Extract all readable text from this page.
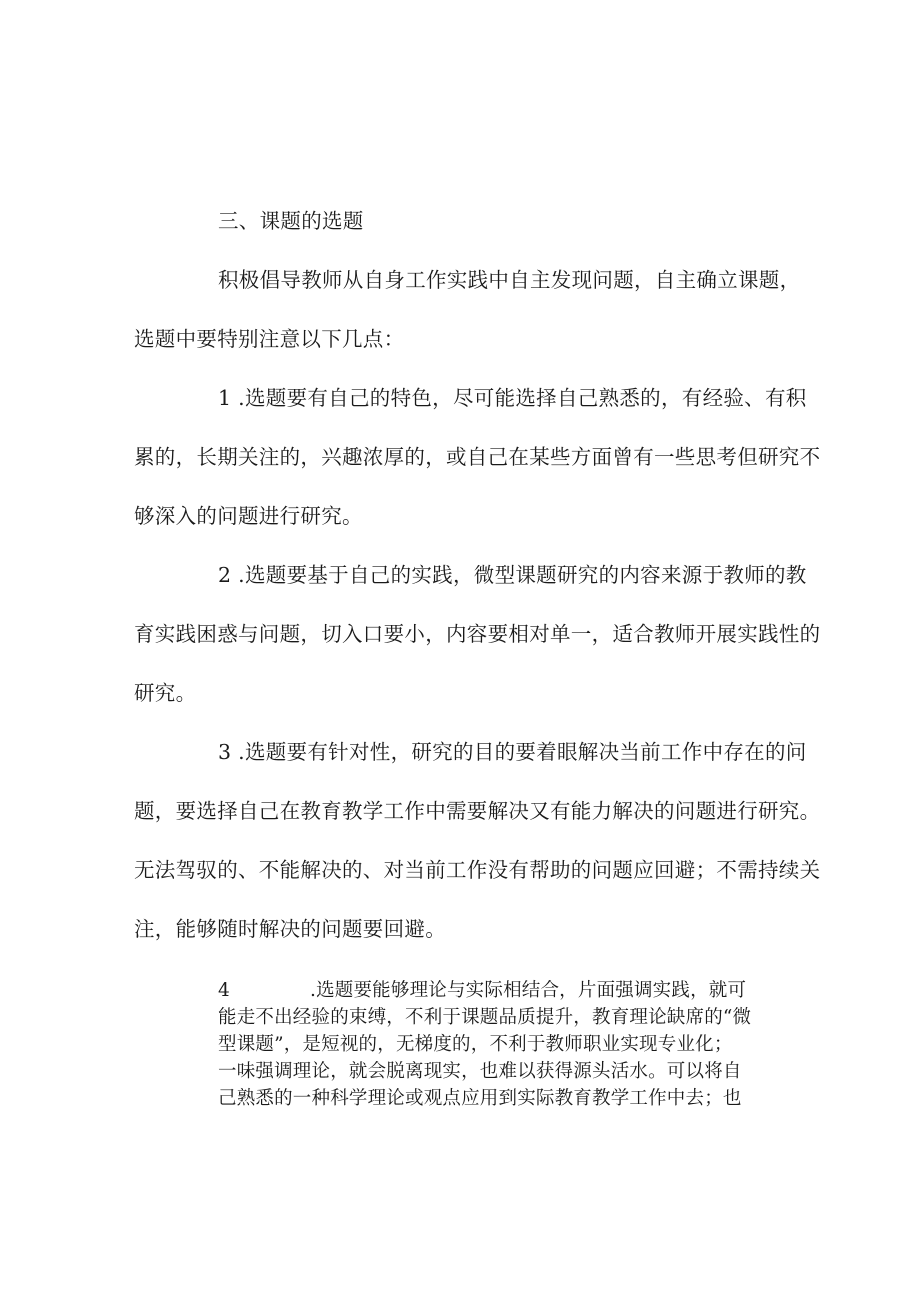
三、课题的选题
积极倡导教师从自身工作实践中自主发现问题，自主确立课题，
选题中要特别注意以下几点：
1 .选题要有自己的特色，尽可能选择自己熟悉的，有经验、有积
累的，长期关注的，兴趣浓厚的，或自己在某些方面曾有一些思考但研究不
够深入的问题进行研究。
2 .选题要基于自己的实践，微型课题研究的内容来源于教师的教
育实践困惑与问题，切入口要小，内容要相对单一，适合教师开展实践性的
研究。
3 .选题要有针对性，研究的目的要着眼解决当前工作中存在的问
题，要选择自己在教育教学工作中需要解决又有能力解决的问题进行研究。
无法驾驭的、不能解决的、对当前工作没有帮助的问题应回避；不需持续关
注，能够随时解决的问题要回避。
4	.选题要能够理论与实际相结合，片面强调实践，就可
能走不出经验的束缚，不利于课题品质提升，教育理论缺席的“微
型课题”，是短视的，无梯度的，不利于教师职业实现专业化；
一味强调理论，就会脱离现实，也难以获得源头活水。可以将自
己熟悉的一种科学理论或观点应用到实际教育教学工作中去；也
